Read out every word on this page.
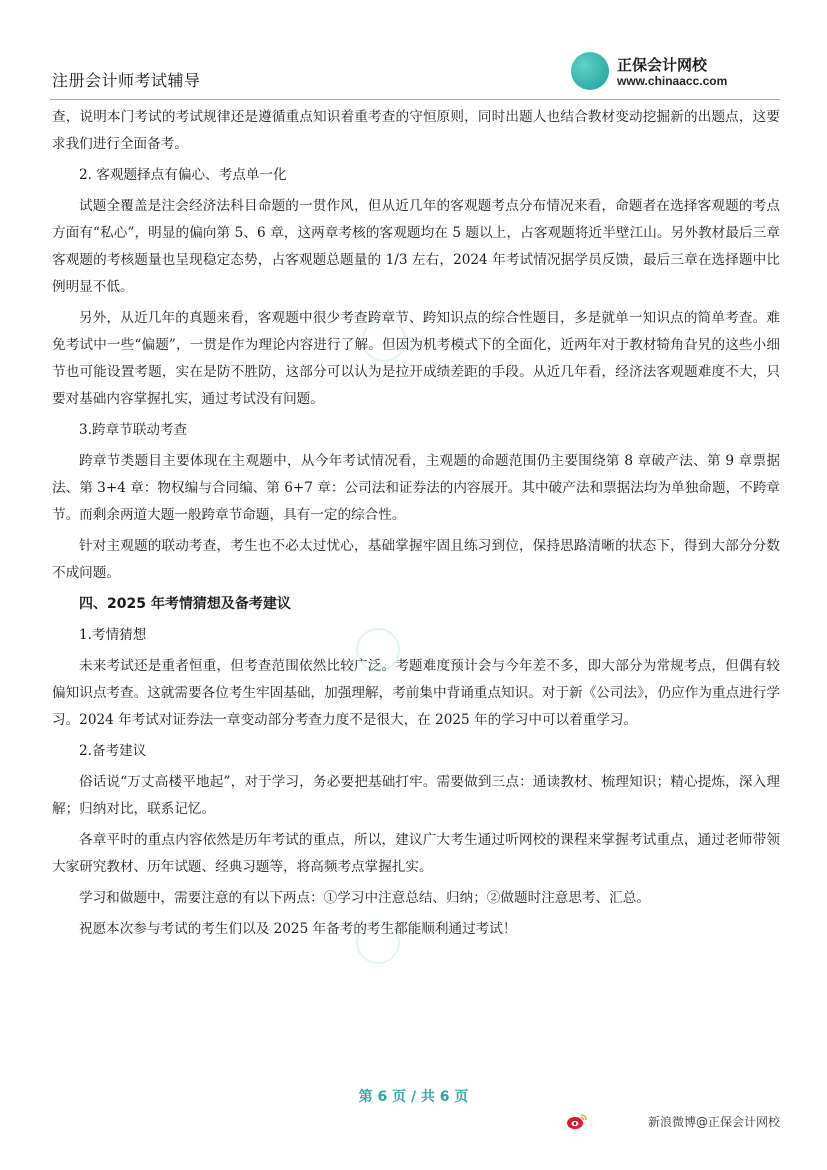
注册会计师考试辅导
正保会计网校
www.chinaacc.com

查，说明本门考试的考试规律还是遵循重点知识着重考查的守恒原则，同时出题人也结合教材变动挖掘新的出题点，这要求我们进行全面备考。

2. 客观题择点有偏心、考点单一化

试题全覆盖是注会经济法科目命题的一贯作风，但从近几年的客观题考点分布情况来看，命题者在选择客观题的考点方面有“私心”，明显的偏向第 5、6 章，这两章考核的客观题均在 5 题以上，占客观题将近半壁江山。另外教材最后三章客观题的考核题量也呈现稳定态势，占客观题总题量的 1/3 左右，2024 年考试情况据学员反馈，最后三章在选择题中比例明显不低。

另外，从近几年的真题来看，客观题中很少考查跨章节、跨知识点的综合性题目，多是就单一知识点的简单考查。难免考试中一些“偏题”，一贯是作为理论内容进行了解。但因为机考模式下的全面化，近两年对于教材犄角旮旯的这些小细节也可能设置考题，实在是防不胜防，这部分可以认为是拉开成绩差距的手段。从近几年看，经济法客观题难度不大，只要对基础内容掌握扎实，通过考试没有问题。

3.跨章节联动考查

跨章节类题目主要体现在主观题中，从今年考试情况看，主观题的命题范围仍主要围绕第 8 章破产法、第 9 章票据法、第 3+4 章：物权编与合同编、第 6+7 章：公司法和证券法的内容展开。其中破产法和票据法均为单独命题，不跨章节。而剩余两道大题一般跨章节命题，具有一定的综合性。

针对主观题的联动考查，考生也不必太过忧心，基础掌握牢固且练习到位，保持思路清晰的状态下，得到大部分分数不成问题。

四、2025 年考情猜想及备考建议

1.考情猜想

未来考试还是重者恒重，但考查范围依然比较广泛。考题难度预计会与今年差不多，即大部分为常规考点，但偶有较偏知识点考查。这就需要各位考生牢固基础，加强理解，考前集中背诵重点知识。对于新《公司法》，仍应作为重点进行学习。2024 年考试对证券法一章变动部分考查力度不是很大，在 2025 年的学习中可以着重学习。

2.备考建议

俗话说“万丈高楼平地起”，对于学习，务必要把基础打牢。需要做到三点：通读教材、梳理知识；精心提炼，深入理解；归纳对比，联系记忆。

各章平时的重点内容依然是历年考试的重点，所以，建议广大考生通过听网校的课程来掌握考试重点，通过老师带领大家研究教材、历年试题、经典习题等，将高频考点掌握扎实。

学习和做题中，需要注意的有以下两点：①学习中注意总结、归纳；②做题时注意思考、汇总。

祝愿本次参与考试的考生们以及 2025 年备考的考生都能顺利通过考试！

第 6 页 / 共 6 页
新浪微博@正保会计网校
